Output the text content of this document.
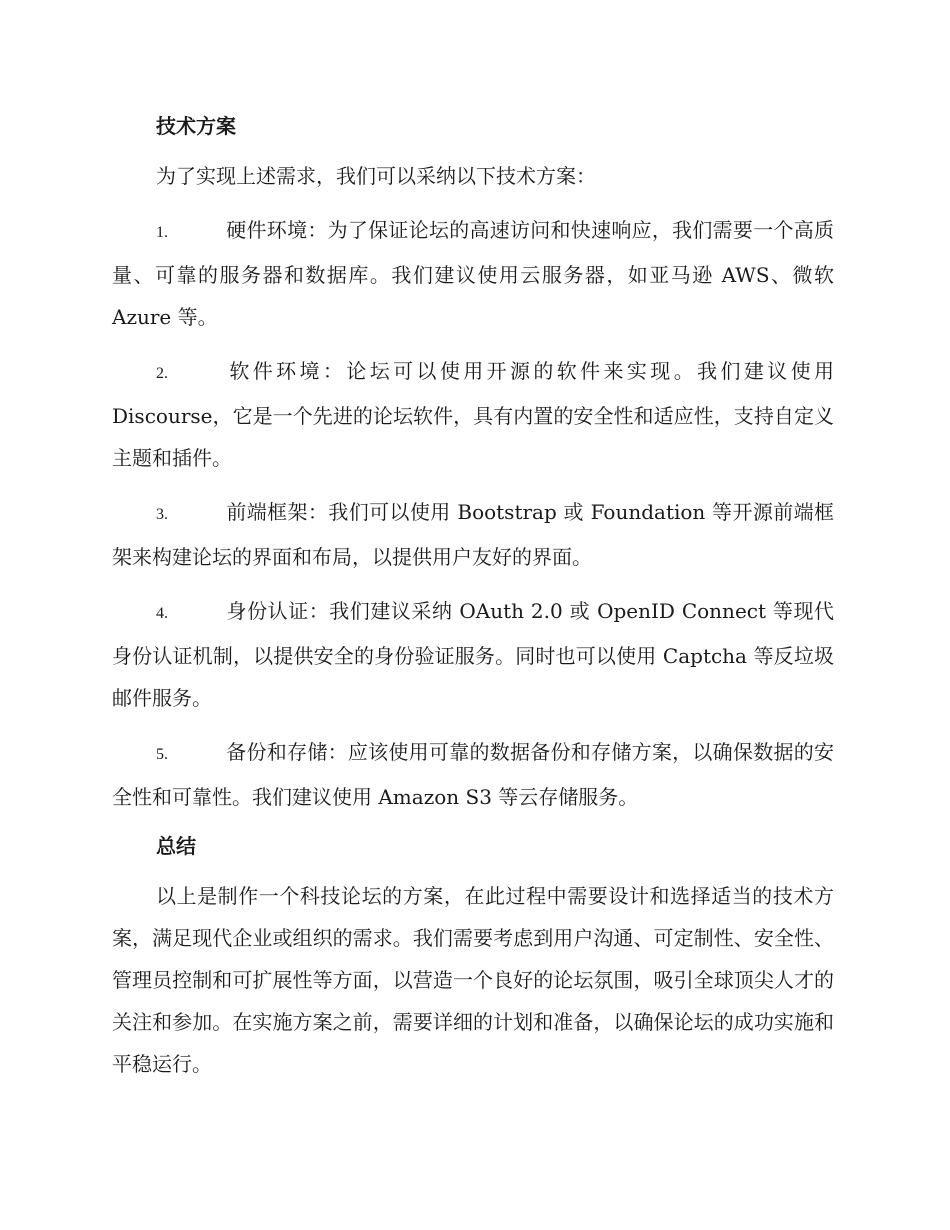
技术方案

为了实现上述需求，我们可以采纳以下技术方案：

1.	硬件环境：为了保证论坛的高速访问和快速响应，我们需要一个高质量、可靠的服务器和数据库。我们建议使用云服务器，如亚马逊 AWS、微软 Azure 等。

2.	软件环境：论坛可以使用开源的软件来实现。我们建议使用 Discourse，它是一个先进的论坛软件，具有内置的安全性和适应性，支持自定义主题和插件。

3.	前端框架：我们可以使用 Bootstrap 或 Foundation 等开源前端框架来构建论坛的界面和布局，以提供用户友好的界面。

4.	身份认证：我们建议采纳 OAuth 2.0 或 OpenID Connect 等现代身份认证机制，以提供安全的身份验证服务。同时也可以使用 Captcha 等反垃圾邮件服务。

5.	备份和存储：应该使用可靠的数据备份和存储方案，以确保数据的安全性和可靠性。我们建议使用 Amazon S3 等云存储服务。

总结

以上是制作一个科技论坛的方案，在此过程中需要设计和选择适当的技术方案，满足现代企业或组织的需求。我们需要考虑到用户沟通、可定制性、安全性、管理员控制和可扩展性等方面，以营造一个良好的论坛氛围，吸引全球顶尖人才的关注和参加。在实施方案之前，需要详细的计划和准备，以确保论坛的成功实施和平稳运行。
